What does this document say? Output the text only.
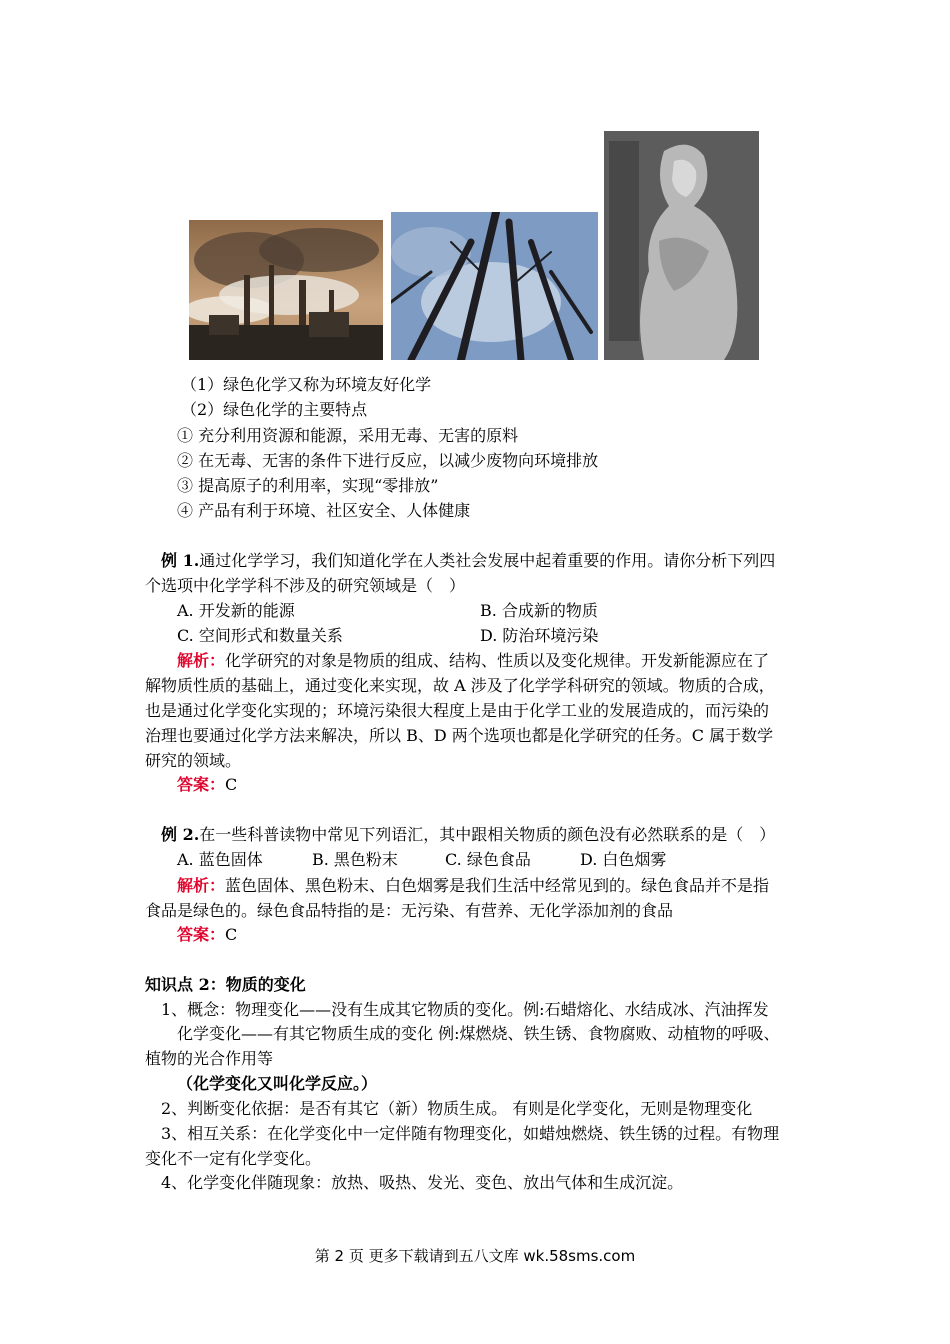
（1）绿色化学又称为环境友好化学
（2）绿色化学的主要特点
① 充分利用资源和能源，采用无毒、无害的原料
② 在无毒、无害的条件下进行反应，以减少废物向环境排放
③ 提高原子的利用率，实现“零排放”
④ 产品有利于环境、社区安全、人体健康
例 1.通过化学学习，我们知道化学在人类社会发展中起着重要的作用。请你分析下列四
个选项中化学学科不涉及的研究领域是（　）
A. 开发新的能源	B. 合成新的物质
C. 空间形式和数量关系	D. 防治环境污染
解析：化学研究的对象是物质的组成、结构、性质以及变化规律。开发新能源应在了
解物质性质的基础上，通过变化来实现，故 A 涉及了化学学科研究的领域。物质的合成，
也是通过化学变化实现的；环境污染很大程度上是由于化学工业的发展造成的，而污染的
治理也要通过化学方法来解决，所以 B、D 两个选项也都是化学研究的任务。C 属于数学
研究的领域。
答案：C
例 2.在一些科普读物中常见下列语汇，其中跟相关物质的颜色没有必然联系的是（　）
A. 蓝色固体	B. 黑色粉末	C. 绿色食品	D. 白色烟雾
解析：蓝色固体、黑色粉末、白色烟雾是我们生活中经常见到的。绿色食品并不是指
食品是绿色的。绿色食品特指的是：无污染、有营养、无化学添加剂的食品
答案：C
知识点 2：物质的变化
1、概念：物理变化——没有生成其它物质的变化。例:石蜡熔化、水结成冰、汽油挥发
化学变化——有其它物质生成的变化 例:煤燃烧、铁生锈、食物腐败、动植物的呼吸、
植物的光合作用等
（化学变化又叫化学反应。）
2、判断变化依据：是否有其它（新）物质生成。 有则是化学变化，无则是物理变化
3、相互关系：在化学变化中一定伴随有物理变化，如蜡烛燃烧、铁生锈的过程。有物理
变化不一定有化学变化。
4、化学变化伴随现象：放热、吸热、发光、变色、放出气体和生成沉淀。
第 2 页 更多下载请到五八文库 wk.58sms.com
